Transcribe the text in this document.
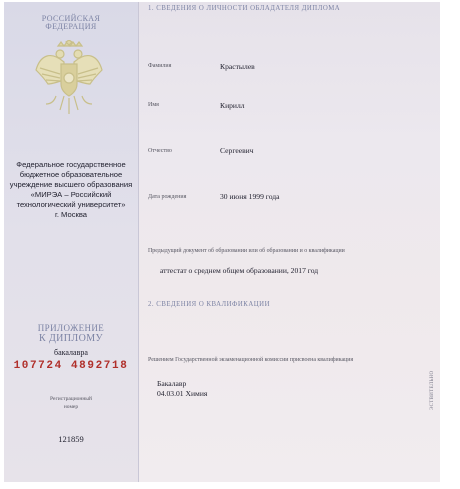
РОССИЙСКАЯ
ФЕДЕРАЦИЯ
Федеральное государственное
бюджетное образовательное
учреждение высшего образования
«МИРЭА – Российский
технологический университет»
г. Москва
ПРИЛОЖЕНИЕ
К ДИПЛОМУ
бакалавра
107724 4892718
Регистрационный
номер
121859
1. СВЕДЕНИЯ О ЛИЧНОСТИ ОБЛАДАТЕЛЯ ДИПЛОМА
Фамилия	Крастылев
Имя	Кирилл
Отчество	Сергеевич
Дата рождения	30 июня 1999 года
Предыдущий документ об образовании или об образовании и о квалификации
аттестат о среднем общем образовании, 2017 год
2. СВЕДЕНИЯ О КВАЛИФИКАЦИИ
Решением Государственной экзаменационной комиссии присвоена квалификация
Бакалавр
04.03.01 Химия	ЭСТВИТЕЛЬНО
